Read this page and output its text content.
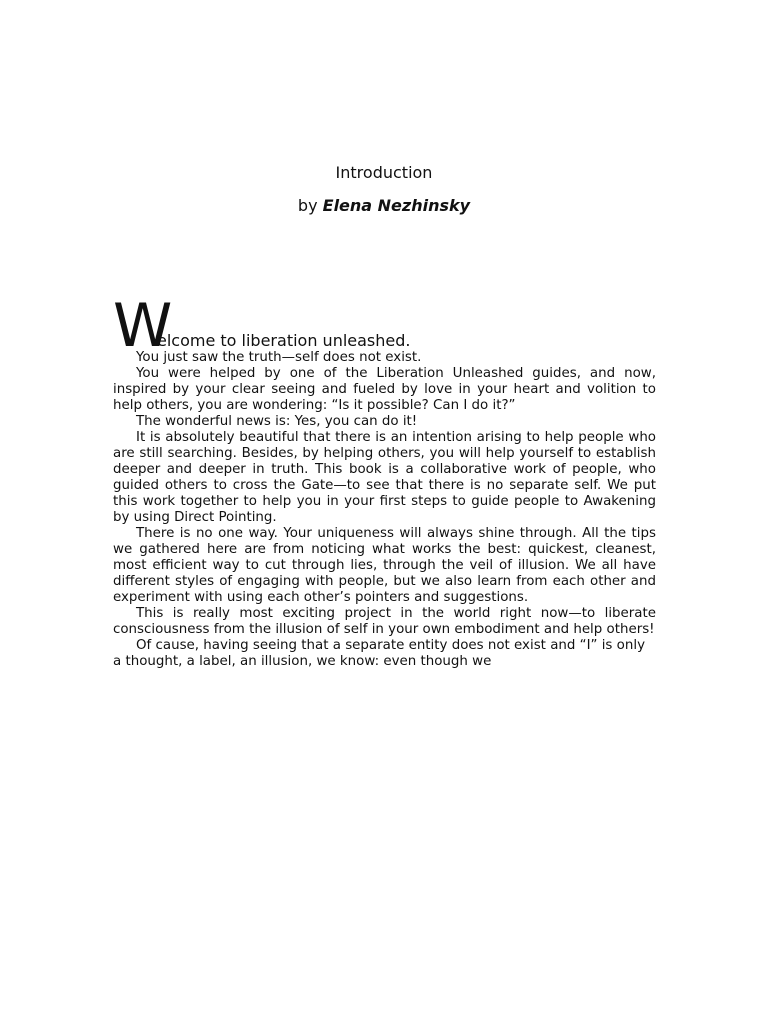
Introduction
by Elena Nezhinsky
W
elcome to liberation unleashed.

You just saw the truth—self does not exist.

You were helped by one of the Liberation Unleashed guides, and now, inspired by your clear seeing and fueled by love in your heart and volition to help others, you are wondering: “Is it possible? Can I do it?”

The wonderful news is: Yes, you can do it!

It is absolutely beautiful that there is an intention arising to help people who are still searching. Besides, by helping others, you will help yourself to establish deeper and deeper in truth. This book is a collaborative work of people, who guided others to cross the Gate—to see that there is no separate self. We put this work together to help you in your first steps to guide people to Awakening by using Direct Pointing.

There is no one way. Your uniqueness will always shine through. All the tips we gathered here are from noticing what works the best: quickest, cleanest, most efficient way to cut through lies, through the veil of illusion. We all have different styles of engaging with people, but we also learn from each other and experiment with using each other’s pointers and suggestions.

This is really most exciting project in the world right now—to liberate consciousness from the illusion of self in your own embodiment and help others!

Of cause, having seeing that a separate entity does not exist and “I” is only a thought, a label, an illusion, we know: even though we
